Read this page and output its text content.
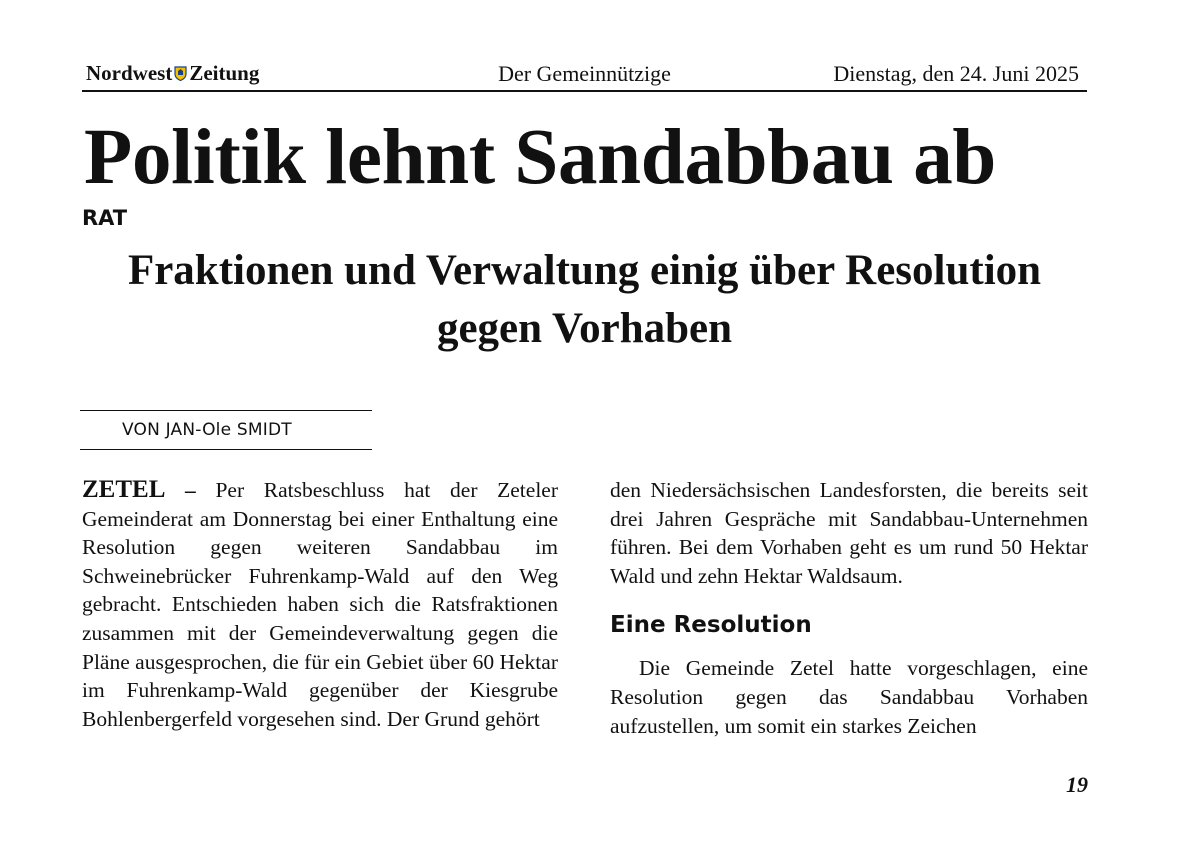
Nordwest Zeitung	Der Gemeinnützige	Dienstag, den 24. Juni 2025
Politik lehnt Sandabbau ab
RAT
Fraktionen und Verwaltung einig über Resolution gegen Vorhaben
VON JAN-Ole SMIDT

ZETEL – Per Ratsbeschluss hat der Zeteler Gemeinderat am Donnerstag bei einer Enthaltung eine Resolution gegen weiteren Sandabbau im Schweinebrücker Fuhrenkamp-Wald auf den Weg gebracht. Entschieden haben sich die Ratsfraktionen zusammen mit der Gemeindeverwaltung gegen die Pläne ausgesprochen, die für ein Gebiet über 60 Hektar im Fuhrenkamp-Wald gegenüber der Kiesgrube Bohlenbergerfeld vorgesehen sind. Der Grund gehört

den Niedersächsischen Landesforsten, die bereits seit drei Jahren Gespräche mit Sandabbau-Unternehmen führen. Bei dem Vorhaben geht es um rund 50 Hektar Wald und zehn Hektar Waldsaum.

Eine Resolution

Die Gemeinde Zetel hatte vorgeschlagen, eine Resolution gegen das Sandabbau Vorhaben aufzustellen, um somit ein starkes Zeichen

19
